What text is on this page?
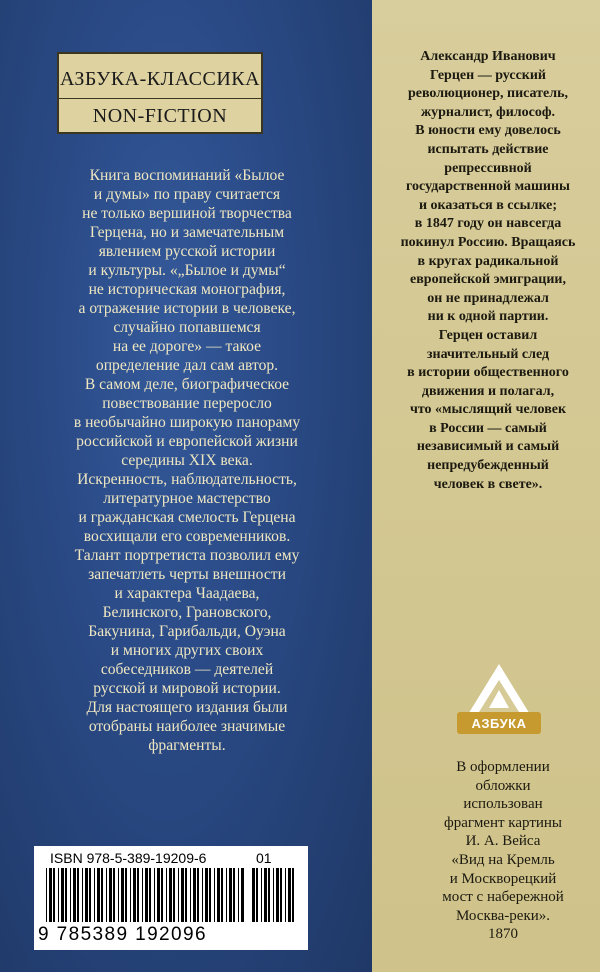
АЗБУКА-КЛАССИКА
NON-FICTION
Книга воспоминаний «Былое
и думы» по праву считается
не только вершиной творчества
Герцена, но и замечательным
явлением русской истории
и культуры. «„Былое и думы“
не историческая монография,
а отражение истории в человеке,
случайно попавшемся
на ее дороге» — такое
определение дал сам автор.
В самом деле, биографическое
повествование переросло
в необычайно широкую панораму
российской и европейской жизни
середины XIX века.
Искренность, наблюдательность,
литературное мастерство
и гражданская смелость Герцена
восхищали его современников.
Талант портретиста позволил ему
запечатлеть черты внешности
и характера Чаадаева,
Белинского, Грановского,
Бакунина, Гарибальди, Оуэна
и многих других своих
собеседников — деятелей
русской и мировой истории.
Для настоящего издания были
отобраны наиболее значимые
фрагменты.
Александр Иванович
Герцен — русский
революционер, писатель,
журналист, философ.
В юности ему довелось
испытать действие
репрессивной
государственной машины
и оказаться в ссылке;
в 1847 году он навсегда
покинул Россию. Вращаясь
в кругах радикальной
европейской эмиграции,
он не принадлежал
ни к одной партии.
Герцен оставил
значительный след
в истории общественного
движения и полагал,
что «мыслящий человек
в России — самый
независимый и самый
непредубежденный
человек в свете».
АЗБУКА
В оформлении
обложки
использован
фрагмент картины
И. А. Вейса
«Вид на Кремль
и Москворецкий
мост с набережной
Москва-реки».
1870
ISBN 978-5-389-19209-6	01
9 785389 192096
